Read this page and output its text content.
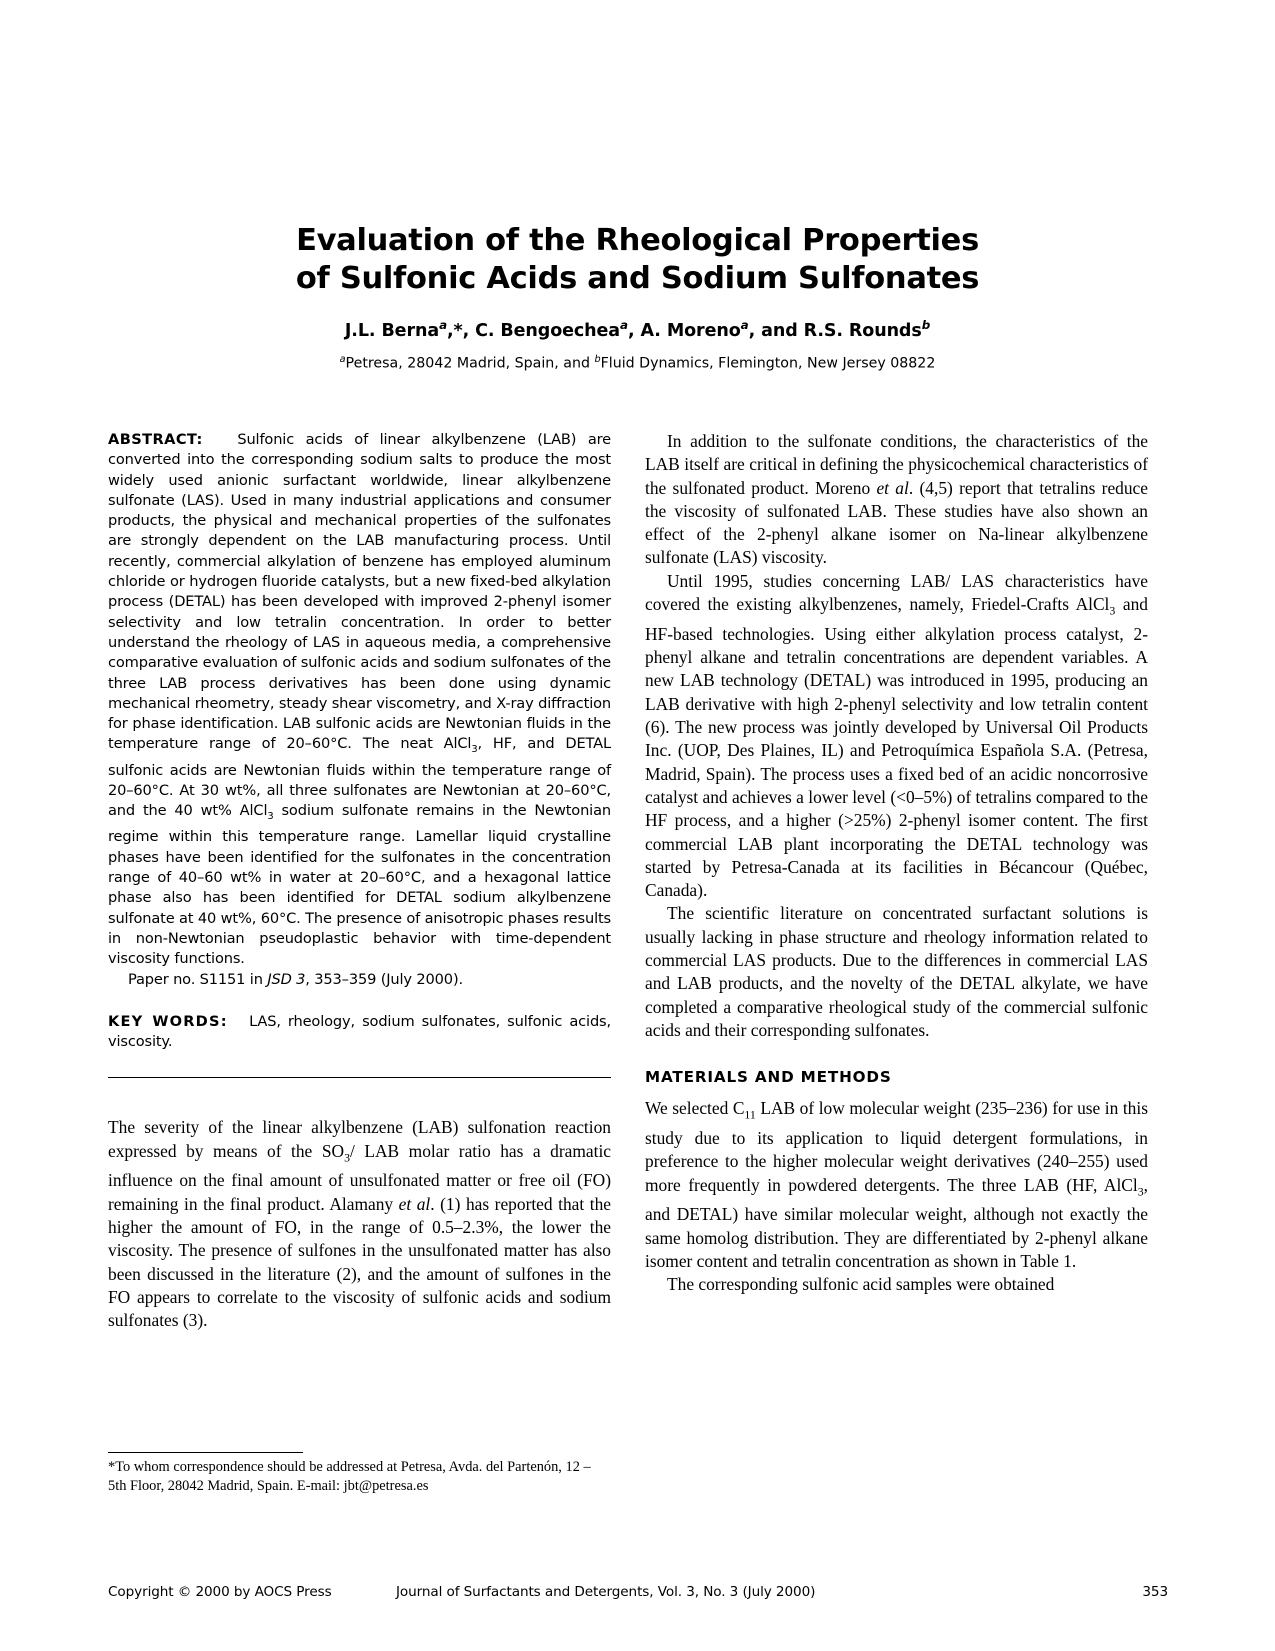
Evaluation of the Rheological Properties
of Sulfonic Acids and Sodium Sulfonates

J.L. Berna$^a$,*, C. Bengoechea$^a$, A. Moreno$^a$, and R.S. Rounds$^b$

$^a$Petresa, 28042 Madrid, Spain, and $^b$Fluid Dynamics, Flemington, New Jersey 08822

ABSTRACT: Sulfonic acids of linear alkylbenzene (LAB) are converted into the corresponding sodium salts to produce the most widely used anionic surfactant worldwide, linear alkylbenzene sulfonate (LAS). Used in many industrial applications and consumer products, the physical and mechanical properties of the sulfonates are strongly dependent on the LAB manufacturing process. Until recently, commercial alkylation of benzene has employed aluminum chloride or hydrogen fluoride catalysts, but a new fixed-bed alkylation process (DETAL) has been developed with improved 2-phenyl isomer selectivity and low tetralin concentration. In order to better understand the rheology of LAS in aqueous media, a comprehensive comparative evaluation of sulfonic acids and sodium sulfonates of the three LAB process derivatives has been done using dynamic mechanical rheometry, steady shear viscometry, and X-ray diffraction for phase identification. LAB sulfonic acids are Newtonian fluids in the temperature range of 20–60°C. The neat AlCl$_3$, HF, and DETAL sulfonic acids are Newtonian fluids within the temperature range of 20–60°C. At 30 wt%, all three sulfonates are Newtonian at 20–60°C, and the 40 wt% AlCl$_3$ sodium sulfonate remains in the Newtonian regime within this temperature range. Lamellar liquid crystalline phases have been identified for the sulfonates in the concentration range of 40–60 wt% in water at 20–60°C, and a hexagonal lattice phase also has been identified for DETAL sodium alkylbenzene sulfonate at 40 wt%, 60°C. The presence of anisotropic phases results in non-Newtonian pseudoplastic behavior with time-dependent viscosity functions.

Paper no. S1151 in JSD 3, 353–359 (July 2000).

KEY WORDS: LAS, rheology, sodium sulfonates, sulfonic acids, viscosity.

The severity of the linear alkylbenzene (LAB) sulfonation reaction expressed by means of the $SO_3/$ LAB molar ratio has a dramatic influence on the final amount of unsulfonated matter or free oil (FO) remaining in the final product. Alamany et al. (1) has reported that the higher the amount of FO, in the range of 0.5–2.3%, the lower the viscosity. The presence of sulfones in the unsulfonated matter has also been discussed in the literature (2), and the amount of sulfones in the FO appears to correlate to the viscosity of sulfonic acids and sodium sulfonates (3).

*To whom correspondence should be addressed at Petresa, Avda. del Partenón, 12 – 5th Floor, 28042 Madrid, Spain. E-mail: jbt@petresa.es

In addition to the sulfonate conditions, the characteristics of the LAB itself are critical in defining the physicochemical characteristics of the sulfonated product. Moreno et al. (4,5) report that tetralins reduce the viscosity of sulfonated LAB. These studies have also shown an effect of the 2-phenyl alkane isomer on Na-linear alkylbenzene sulfonate (LAS) viscosity.

Until 1995, studies concerning LAB/ LAS characteristics have covered the existing alkylbenzenes, namely, Friedel-Crafts AlCl$_3$ and HF-based technologies. Using either alkylation process catalyst, 2-phenyl alkane and tetralin concentrations are dependent variables. A new LAB technology (DETAL) was introduced in 1995, producing an LAB derivative with high 2-phenyl selectivity and low tetralin content (6). The new process was jointly developed by Universal Oil Products Inc. (UOP, Des Plaines, IL) and Petroquímica Española S.A. (Petresa, Madrid, Spain). The process uses a fixed bed of an acidic noncorrosive catalyst and achieves a lower level (<0–5%) of tetralins compared to the HF process, and a higher (>25%) 2-phenyl isomer content. The first commercial LAB plant incorporating the DETAL technology was started by Petresa-Canada at its facilities in Bécancour (Québec, Canada).

The scientific literature on concentrated surfactant solutions is usually lacking in phase structure and rheology information related to commercial LAS products. Due to the differences in commercial LAS and LAB products, and the novelty of the DETAL alkylate, we have completed a comparative rheological study of the commercial sulfonic acids and their corresponding sulfonates.

MATERIALS AND METHODS

We selected $C_{11}$ LAB of low molecular weight (235–236) for use in this study due to its application to liquid detergent formulations, in preference to the higher molecular weight derivatives (240–255) used more frequently in powdered detergents. The three LAB (HF, AlCl$_3$, and DETAL) have similar molecular weight, although not exactly the same homolog distribution. They are differentiated by 2-phenyl alkane isomer content and tetralin concentration as shown in Table 1.

The corresponding sulfonic acid samples were obtained

Copyright © 2000 by AOCS Press	Journal of Surfactants and Detergents, Vol. 3, No. 3 (July 2000)	353
